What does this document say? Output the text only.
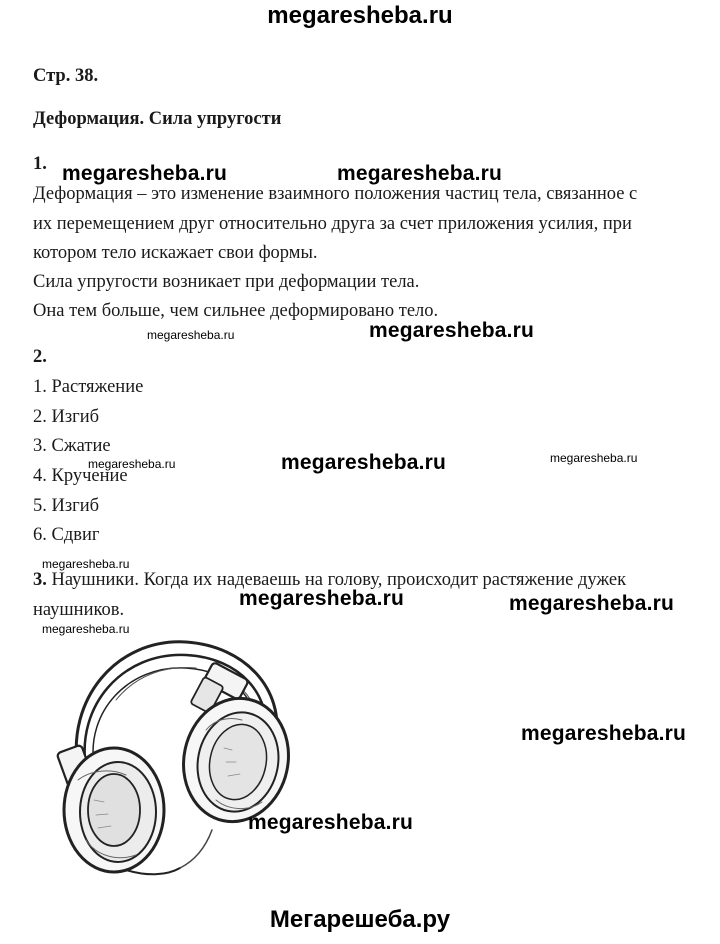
megaresheba.ru
Стр. 38.
Деформация. Сила упругости
1.
Деформация – это изменение взаимного положения частиц тела, связанное с
их перемещением друг относительно друга за счет приложения усилия, при
котором тело искажает свои формы.
Сила упругости возникает при деформации тела.
Она тем больше, чем сильнее деформировано тело.
2.
1. Растяжение
2. Изгиб
3. Сжатие
4. Кручение
5. Изгиб
6. Сдвиг
3. Наушники. Когда их надеваешь на голову, происходит растяжение дужек
наушников.
megaresheba.ru	megaresheba.ru
megaresheba.ru	megaresheba.ru
megaresheba.ru	megaresheba.ru	megaresheba.ru
megaresheba.ru
megaresheba.ru	megaresheba.ru
megaresheba.ru
megaresheba.ru
megaresheba.ru
Мегарешеба.ру
